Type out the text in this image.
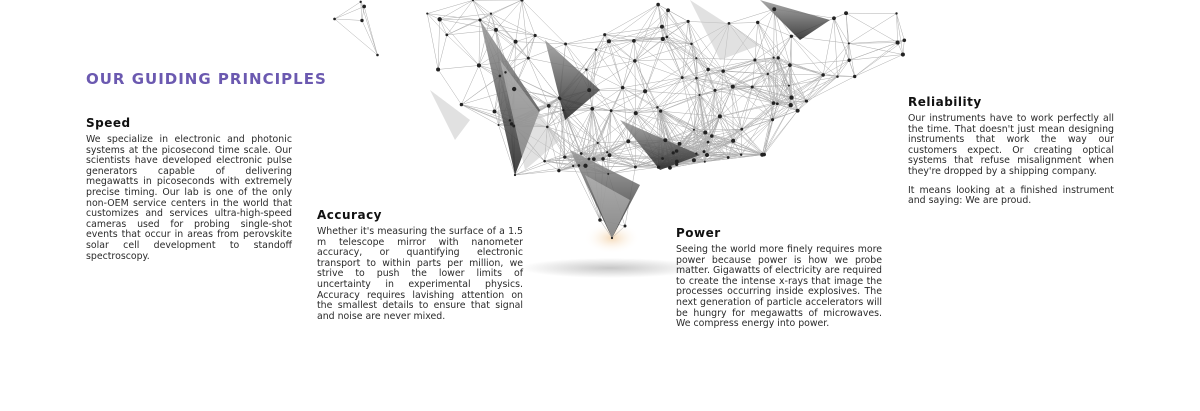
OUR GUIDING PRINCIPLES
Speed

We specialize in electronic and photonic systems at the picosecond time scale. Our scientists have developed electronic pulse generators capable of delivering megawatts in picoseconds with extremely precise timing. Our lab is one of the only non-OEM service centers in the world that customizes and services ultra-high-speed cameras used for probing single-shot events that occur in areas from perovskite solar cell development to standoff spectroscopy.

Accuracy

Whether it's measuring the surface of a 1.5 m telescope mirror with nanometer accuracy, or quantifying electronic transport to within parts per million, we strive to push the lower limits of uncertainty in experimental physics. Accuracy requires lavishing attention on the smallest details to ensure that signal and noise are never mixed.

Power

Seeing the world more finely requires more power because power is how we probe matter. Gigawatts of electricity are required to create the intense x-rays that image the processes occurring inside explosives. The next generation of particle accelerators will be hungry for megawatts of microwaves. We compress energy into power.

Reliability

Our instruments have to work perfectly all the time. That doesn't just mean designing instruments that work the way our customers expect. Or creating optical systems that refuse misalignment when they're dropped by a shipping company.

It means looking at a finished instrument and saying: We are proud.
